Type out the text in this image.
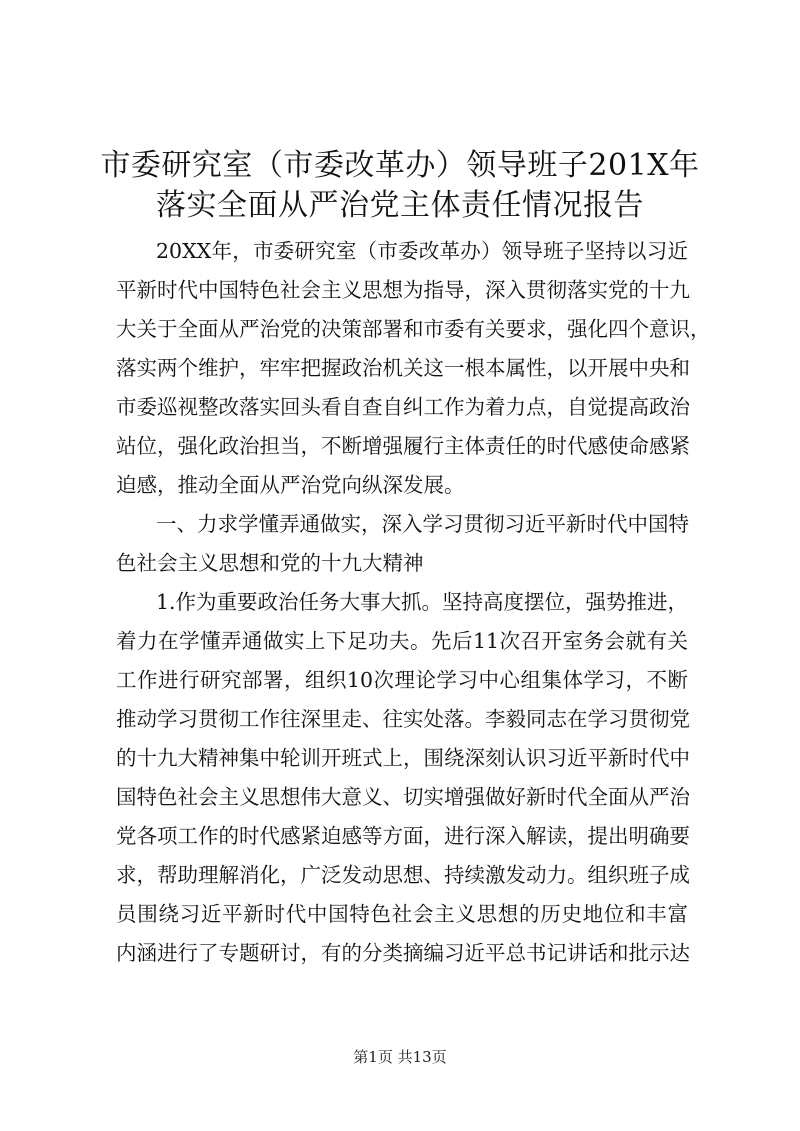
市委研究室（市委改革办）领导班子201X年
落实全面从严治党主体责任情况报告
20XX年，市委研究室（市委改革办）领导班子坚持以习近
平新时代中国特色社会主义思想为指导，深入贯彻落实党的十九
大关于全面从严治党的决策部署和市委有关要求，强化四个意识，
落实两个维护，牢牢把握政治机关这一根本属性，以开展中央和
市委巡视整改落实回头看自查自纠工作为着力点，自觉提高政治
站位，强化政治担当，不断增强履行主体责任的时代感使命感紧
迫感，推动全面从严治党向纵深发展。
一、力求学懂弄通做实，深入学习贯彻习近平新时代中国特
色社会主义思想和党的十九大精神
1.作为重要政治任务大事大抓。坚持高度摆位，强势推进，
着力在学懂弄通做实上下足功夫。先后11次召开室务会就有关
工作进行研究部署，组织10次理论学习中心组集体学习，不断
推动学习贯彻工作往深里走、往实处落。李毅同志在学习贯彻党
的十九大精神集中轮训开班式上，围绕深刻认识习近平新时代中
国特色社会主义思想伟大意义、切实增强做好新时代全面从严治
党各项工作的时代感紧迫感等方面，进行深入解读，提出明确要
求，帮助理解消化，广泛发动思想、持续激发动力。组织班子成
员围绕习近平新时代中国特色社会主义思想的历史地位和丰富
内涵进行了专题研讨，有的分类摘编习近平总书记讲话和批示达
第1页 共13页
